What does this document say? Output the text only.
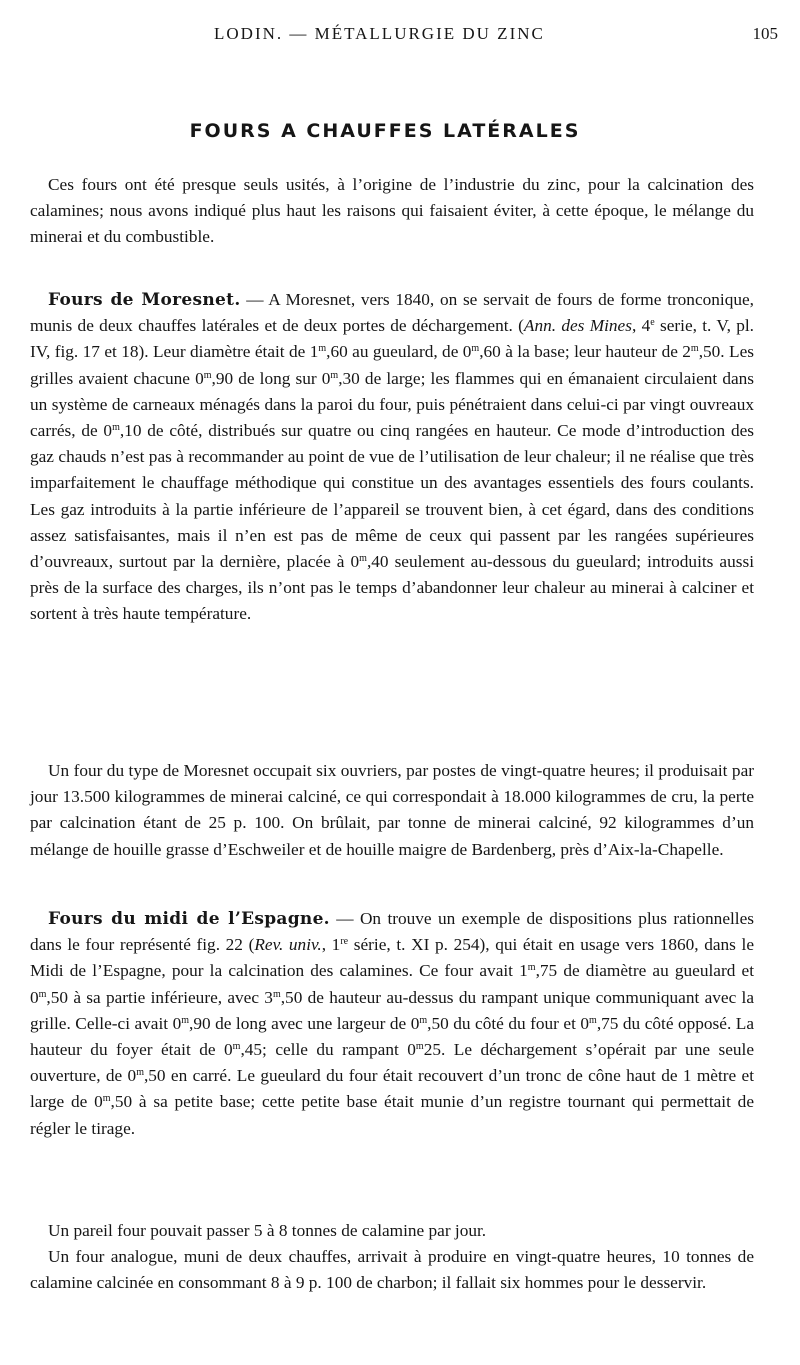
LODIN. — MÉTALLURGIE DU ZINC	105
FOURS A CHAUFFES LATÉRALES

Ces fours ont été presque seuls usités, à l’origine de l’industrie du zinc, pour la calcination des calamines; nous avons indiqué plus haut les raisons qui faisaient éviter, à cette époque, le mélange du minerai et du combustible.

Fours de Moresnet. — A Moresnet, vers 1840, on se servait de fours de forme tronconique, munis de deux chauffes latérales et de deux portes de déchargement. (Ann. des Mines, 4e serie, t. V, pl. IV, fig. 17 et 18). Leur diamètre était de 1$^m$,60 au gueulard, de 0$^m$,60 à la base; leur hauteur de 2$^m$,50. Les grilles avaient chacune 0$^m$,90 de long sur 0$^m$,30 de large; les flammes qui en émanaient circulaient dans un système de carneaux ménagés dans la paroi du four, puis pénétraient dans celui-ci par vingt ouvreaux carrés, de 0$^m$,10 de côté, distribués sur quatre ou cinq rangées en hauteur. Ce mode d’introduction des gaz chauds n’est pas à recommander au point de vue de l’utilisation de leur chaleur; il ne réalise que très imparfaitement le chauffage méthodique qui constitue un des avantages essentiels des fours coulants. Les gaz introduits à la partie inférieure de l’appareil se trouvent bien, à cet égard, dans des conditions assez satisfaisantes, mais il n’en est pas de même de ceux qui passent par les rangées supérieures d’ouvreaux, surtout par la dernière, placée à 0$^m$,40 seulement au-dessous du gueulard; introduits aussi près de la surface des charges, ils n’ont pas le temps d’abandonner leur chaleur au minerai à calciner et sortent à très haute température.

Un four du type de Moresnet occupait six ouvriers, par postes de vingt-quatre heures; il produisait par jour 13.500 kilogrammes de minerai calciné, ce qui correspondait à 18.000 kilogrammes de cru, la perte par calcination étant de 25 p. 100. On brûlait, par tonne de minerai calciné, 92 kilogrammes d’un mélange de houille grasse d’Eschweiler et de houille maigre de Bardenberg, près d’Aix-la-Chapelle.

Fours du midi de l’Espagne. — On trouve un exemple de dispositions plus rationnelles dans le four représenté fig. 22 (Rev. univ., 1re série, t. XI p. 254), qui était en usage vers 1860, dans le Midi de l’Espagne, pour la calcination des calamines. Ce four avait 1$^m$,75 de diamètre au gueulard et 0$^m$,50 à sa partie inférieure, avec 3$^m$,50 de hauteur au-dessus du rampant unique communiquant avec la grille. Celle-ci avait 0$^m$,90 de long avec une largeur de 0$^m$,50 du côté du four et 0$^m$,75 du côté opposé. La hauteur du foyer était de 0$^m$,45; celle du rampant 0$^m$25. Le déchargement s’opérait par une seule ouverture, de 0$^m$,50 en carré. Le gueulard du four était recouvert d’un tronc de cône haut de 1 mètre et large de 0$^m$,50 à sa petite base; cette petite base était munie d’un registre tournant qui permettait de régler le tirage.

Un pareil four pouvait passer 5 à 8 tonnes de calamine par jour.

Un four analogue, muni de deux chauffes, arrivait à produire en vingt-quatre heures, 10 tonnes de calamine calcinée en consommant 8 à 9 p. 100 de charbon; il fallait six hommes pour le desservir.
